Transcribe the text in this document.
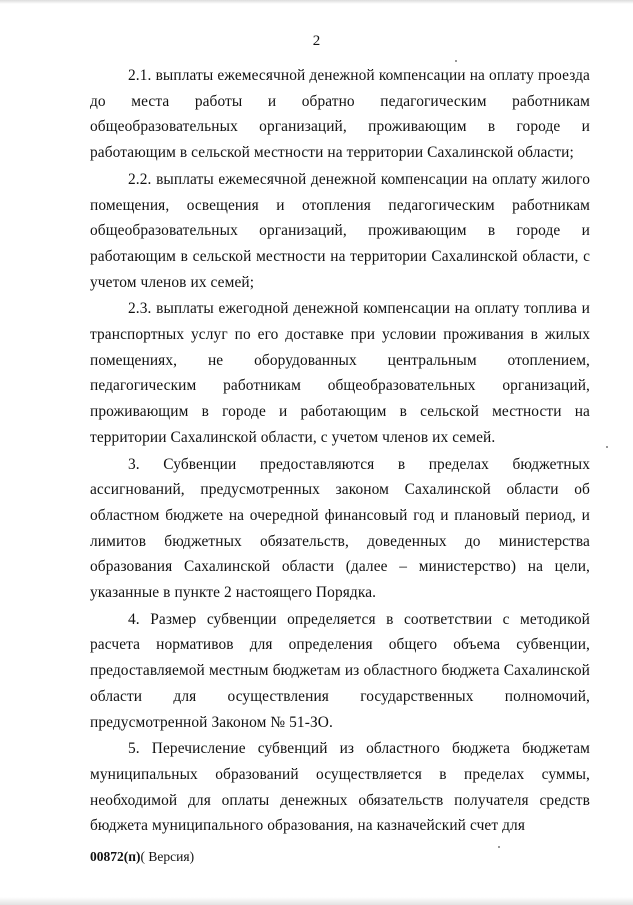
2

2.1. выплаты ежемесячной денежной компенсации на оплату проезда до места работы и обратно педагогическим работникам общеобразовательных организаций, проживающим в городе и работающим в сельской местности на территории Сахалинской области;

2.2. выплаты ежемесячной денежной компенсации на оплату жилого помещения, освещения и отопления педагогическим работникам общеобразовательных организаций, проживающим в городе и работающим в сельской местности на территории Сахалинской области, с учетом членов их семей;

2.3. выплаты ежегодной денежной компенсации на оплату топлива и транспортных услуг по его доставке при условии проживания в жилых помещениях, не оборудованных центральным отоплением, педагогическим работникам общеобразовательных организаций, проживающим в городе и работающим в сельской местности на территории Сахалинской области, с учетом членов их семей.

3. Субвенции предоставляются в пределах бюджетных ассигнований, предусмотренных законом Сахалинской области об областном бюджете на очередной финансовый год и плановый период, и лимитов бюджетных обязательств, доведенных до министерства образования Сахалинской области (далее – министерство) на цели, указанные в пункте 2 настоящего Порядка.

4. Размер субвенции определяется в соответствии с методикой расчета нормативов для определения общего объема субвенции, предоставляемой местным бюджетам из областного бюджета Сахалинской области для осуществления государственных полномочий, предусмотренной Законом № 51-ЗО.

5. Перечисление субвенций из областного бюджета бюджетам муниципальных образований осуществляется в пределах суммы, необходимой для оплаты денежных обязательств получателя средств бюджета муниципального образования, на казначейский счет для

00872(п)( Версия)
